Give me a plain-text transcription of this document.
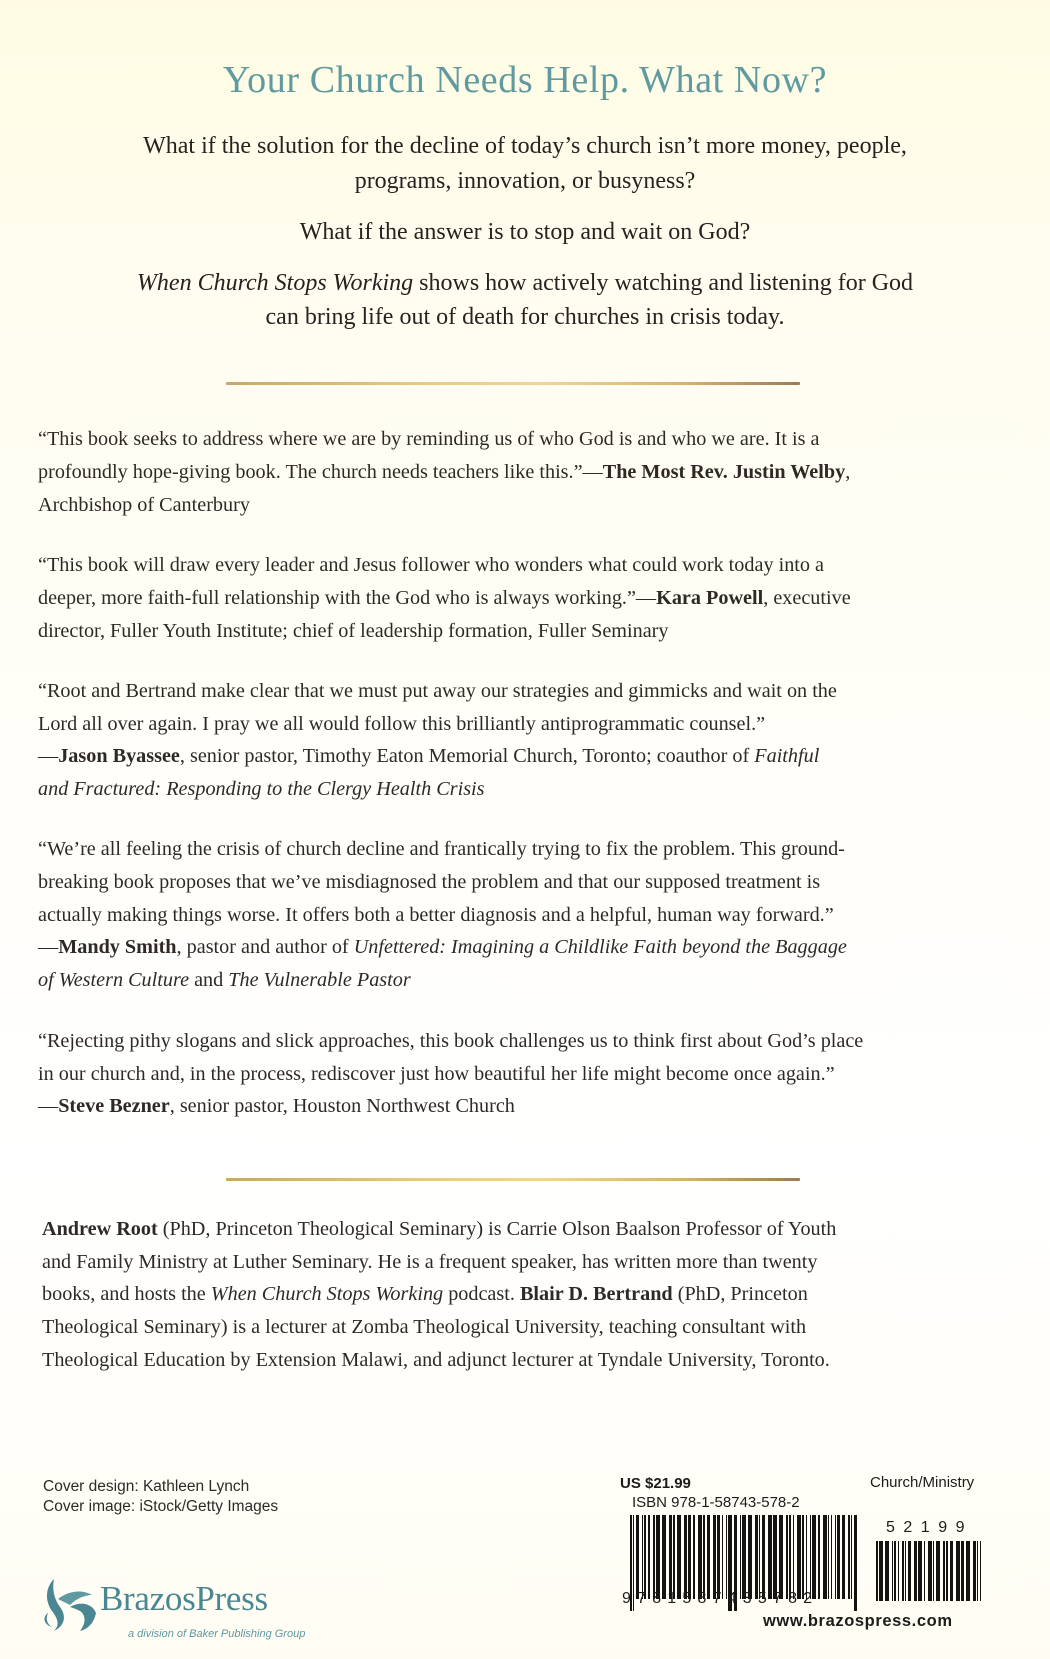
Your Church Needs Help. What Now?
What if the solution for the decline of today’s church isn’t more money, people,
programs, innovation, or busyness?
What if the answer is to stop and wait on God?
When Church Stops Working shows how actively watching and listening for God
can bring life out of death for churches in crisis today.
“This book seeks to address where we are by reminding us of who God is and who we are. It is a
profoundly hope-giving book. The church needs teachers like this.”—The Most Rev. Justin Welby,
Archbishop of Canterbury
“This book will draw every leader and Jesus follower who wonders what could work today into a
deeper, more faith-full relationship with the God who is always working.”—Kara Powell, executive
director, Fuller Youth Institute; chief of leadership formation, Fuller Seminary
“Root and Bertrand make clear that we must put away our strategies and gimmicks and wait on the
Lord all over again. I pray we all would follow this brilliantly antiprogrammatic counsel.”
—Jason Byassee, senior pastor, Timothy Eaton Memorial Church, Toronto; coauthor of Faithful
and Fractured: Responding to the Clergy Health Crisis
“We’re all feeling the crisis of church decline and frantically trying to fix the problem. This ground-
breaking book proposes that we’ve misdiagnosed the problem and that our supposed treatment is
actually making things worse. It offers both a better diagnosis and a helpful, human way forward.”
—Mandy Smith, pastor and author of Unfettered: Imagining a Childlike Faith beyond the Baggage
of Western Culture and The Vulnerable Pastor
“Rejecting pithy slogans and slick approaches, this book challenges us to think first about God’s place
in our church and, in the process, rediscover just how beautiful her life might become once again.”
—Steve Bezner, senior pastor, Houston Northwest Church
Andrew Root (PhD, Princeton Theological Seminary) is Carrie Olson Baalson Professor of Youth
and Family Ministry at Luther Seminary. He is a frequent speaker, has written more than twenty
books, and hosts the When Church Stops Working podcast. Blair D. Bertrand (PhD, Princeton
Theological Seminary) is a lecturer at Zomba Theological University, teaching consultant with
Theological Education by Extension Malawi, and adjunct lecturer at Tyndale University, Toronto.
Cover design: Kathleen Lynch
Cover image: iStock/Getty Images
BrazosPress
a division of Baker Publishing Group
US $21.99
ISBN 978-1-58743-578-2
Church/Ministry
9781587435782
52199
www.brazospress.com
